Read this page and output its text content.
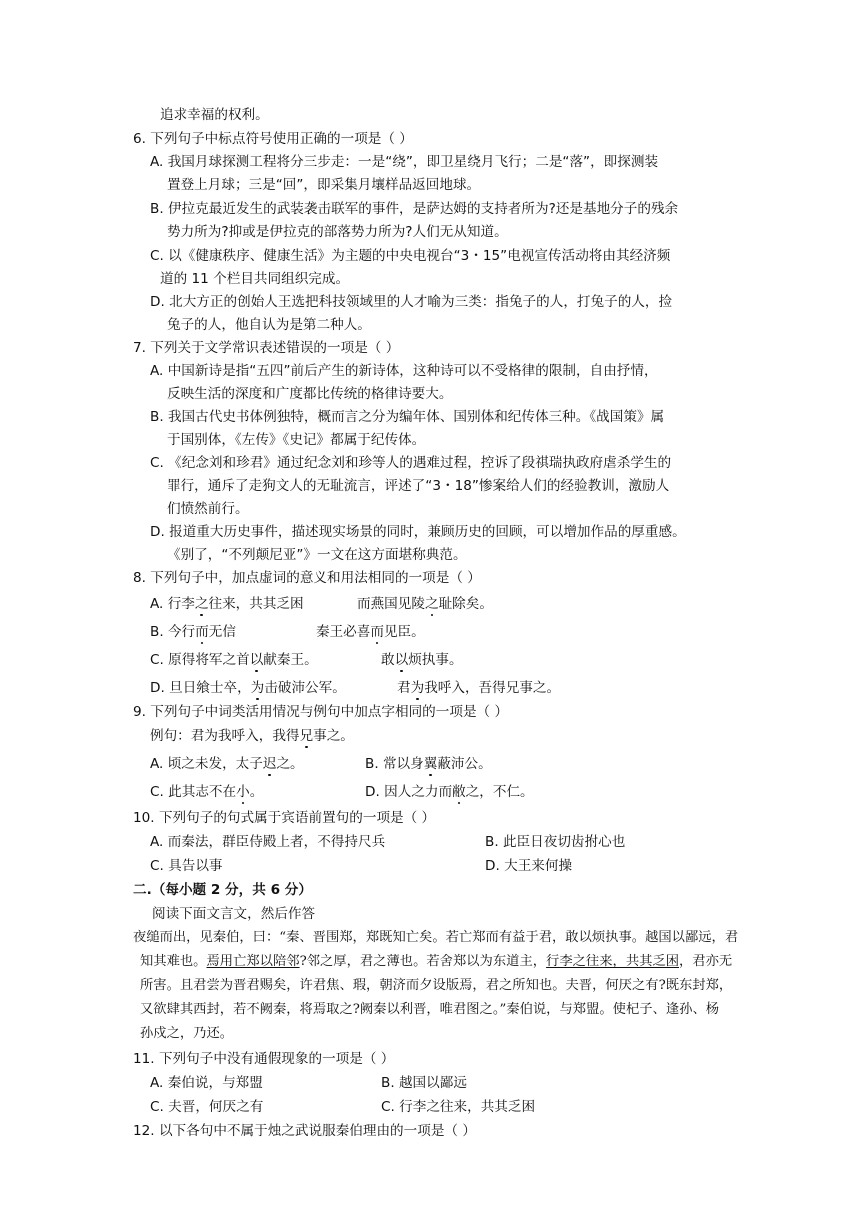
追求幸福的权利。
6. 下列句子中标点符号使用正确的一项是（ ）
A. 我国月球探测工程将分三步走：一是“绕”，即卫星绕月飞行；二是“落”，即探测装
置登上月球；三是“回”，即采集月壤样品返回地球。
B. 伊拉克最近发生的武装袭击联军的事件，是萨达姆的支持者所为?还是基地分子的残余
势力所为?抑或是伊拉克的部落势力所为?人们无从知道。
C. 以《健康秩序、健康生活》为主题的中央电视台“3・15”电视宣传活动将由其经济频
道的 11 个栏目共同组织完成。
D. 北大方正的创始人王选把科技领域里的人才喻为三类：指兔子的人，打兔子的人，捡
兔子的人，他自认为是第二种人。
7. 下列关于文学常识表述错误的一项是（ ）
A. 中国新诗是指“五四”前后产生的新诗体，这种诗可以不受格律的限制，自由抒情，
反映生活的深度和广度都比传统的格律诗要大。
B. 我国古代史书体例独特，概而言之分为编年体、国别体和纪传体三种。《战国策》属
于国别体，《左传》《史记》都属于纪传体。
C. 《纪念刘和珍君》通过纪念刘和珍等人的遇难过程，控诉了段祺瑞执政府虐杀学生的
罪行，通斥了走狗文人的无耻流言，评述了“3・18”惨案给人们的经验教训，激励人
们愤然前行。
D. 报道重大历史事件，描述现实场景的同时，兼顾历史的回顾，可以增加作品的厚重感。
《别了，“不列颠尼亚”》一文在这方面堪称典范。
8. 下列句子中，加点虚词的意义和用法相同的一项是（ ）
A. 行李之往来，共其乏困	而燕国见陵之耻除矣。
B. 今行而无信	秦王必喜而见臣。
C. 原得将军之首以献秦王。	敢以烦执事。
D. 旦日飨士卒，为击破沛公军。	君为我呼入，吾得兄事之。
9. 下列句子中词类活用情况与例句中加点字相同的一项是（ ）
例句：君为我呼入，我得兄事之。
A. 顷之未发，太子迟之。	B. 常以身翼蔽沛公。
C. 此其志不在小。	D. 因人之力而敝之，不仁。
10. 下列句子的句式属于宾语前置句的一项是（ ）
A. 而秦法，群臣侍殿上者，不得持尺兵	B. 此臣日夜切齿拊心也
C. 具告以事	D. 大王来何操
二.（每小题 2 分，共 6 分）
阅读下面文言文，然后作答
夜缒而出，见秦伯，曰：“秦、晋围郑，郑既知亡矣。若亡郑而有益于君，敢以烦执事。越国以鄙远，君
知其难也。焉用亡郑以陪邻?邻之厚，君之薄也。若舍郑以为东道主，行李之往来，共其乏困，君亦无
所害。且君尝为晋君赐矣，许君焦、瑕，朝济而夕设版焉，君之所知也。夫晋，何厌之有?既东封郑，
又欲肆其西封，若不阙秦，将焉取之?阙秦以利晋，唯君图之。”秦伯说，与郑盟。使杞子、逢孙、杨
孙戍之，乃还。
11. 下列句子中没有通假现象的一项是（ ）
A. 秦伯说，与郑盟	B. 越国以鄙远
C. 夫晋，何厌之有	C. 行李之往来，共其乏困
12. 以下各句中不属于烛之武说服秦伯理由的一项是（ ）
